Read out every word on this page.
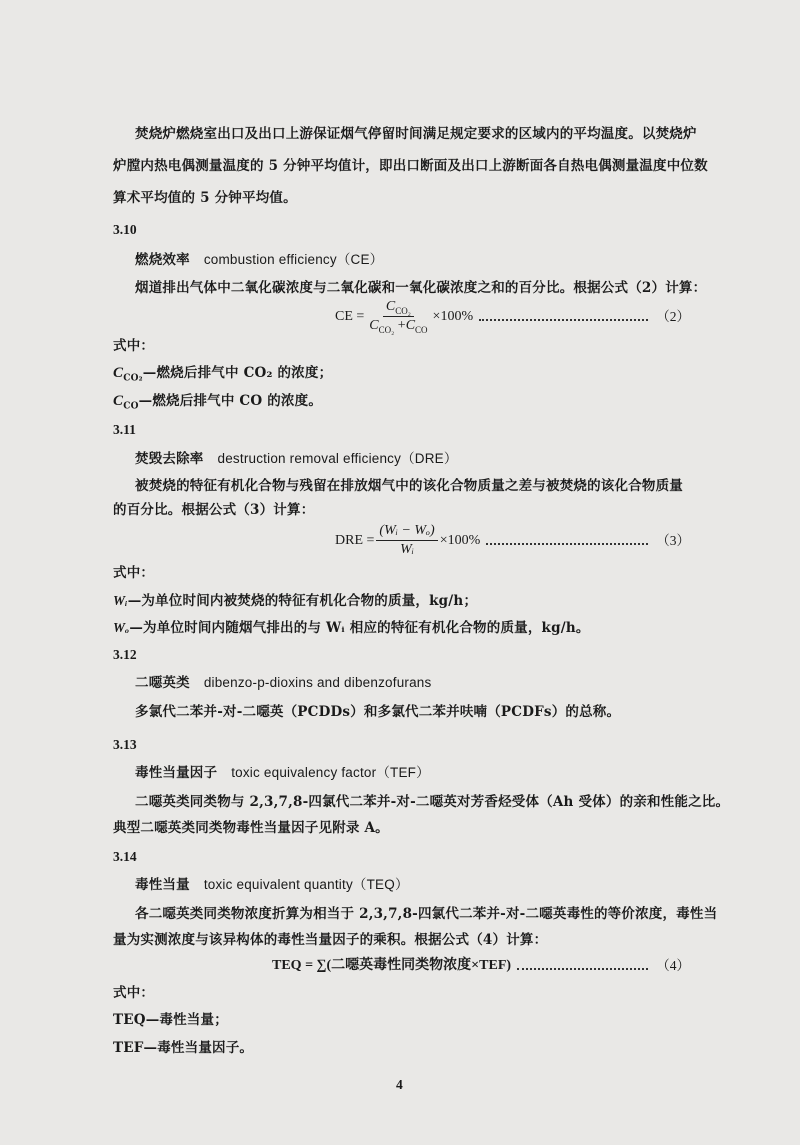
焚烧炉燃烧室出口及出口上游保证烟气停留时间满足规定要求的区域内的平均温度。以焚烧炉
炉膛内热电偶测量温度的 5 分钟平均值计，即出口断面及出口上游断面各自热电偶测量温度中位数
算术平均值的 5 分钟平均值。
3.10
燃烧效率 combustion efficiency（CE）
烟道排出气体中二氧化碳浓度与二氧化碳和一氧化碳浓度之和的百分比。根据公式（2）计算：
CE = $\frac{C_{CO_2}}{C_{CO_2} +C_{CO}} \times 100\%$	（2）
式中：
$C_{CO_2}—$燃烧后排气中 CO₂ 的浓度；
$C_{CO}—$燃烧后排气中 CO 的浓度。
3.11
焚毁去除率 destruction removal efficiency（DRE）
被焚烧的特征有机化合物与残留在排放烟气中的该化合物质量之差与被焚烧的该化合物质量
的百分比。根据公式（3）计算：
DRE = $\frac{\text{(Wᵢ − Wₒ)}}{\text{Wᵢ}} \times 100\%$	（3）
式中：
Wᵢ—为单位时间内被焚烧的特征有机化合物的质量，kg/h；
Wₒ—为单位时间内随烟气排出的与 Wᵢ 相应的特征有机化合物的质量，kg/h。
3.12
二噁英类 dibenzo-p-dioxins and dibenzofurans
多氯代二苯并-对-二噁英（PCDDs）和多氯代二苯并呋喃（PCDFs）的总称。
3.13
毒性当量因子 toxic equivalency factor（TEF）
二噁英类同类物与 2,3,7,8-四氯代二苯并-对-二噁英对芳香烃受体（Ah 受体）的亲和性能之比。
典型二噁英类同类物毒性当量因子见附录 A。
3.14
毒性当量 toxic equivalent quantity（TEQ）
各二噁英类同类物浓度折算为相当于 2,3,7,8-四氯代二苯并-对-二噁英毒性的等价浓度，毒性当
量为实测浓度与该异构体的毒性当量因子的乘积。根据公式（4）计算：
TEQ = ∑(二噁英毒性同类物浓度×TEF)	（4）
式中：
TEQ—毒性当量；
TEF—毒性当量因子。
4
